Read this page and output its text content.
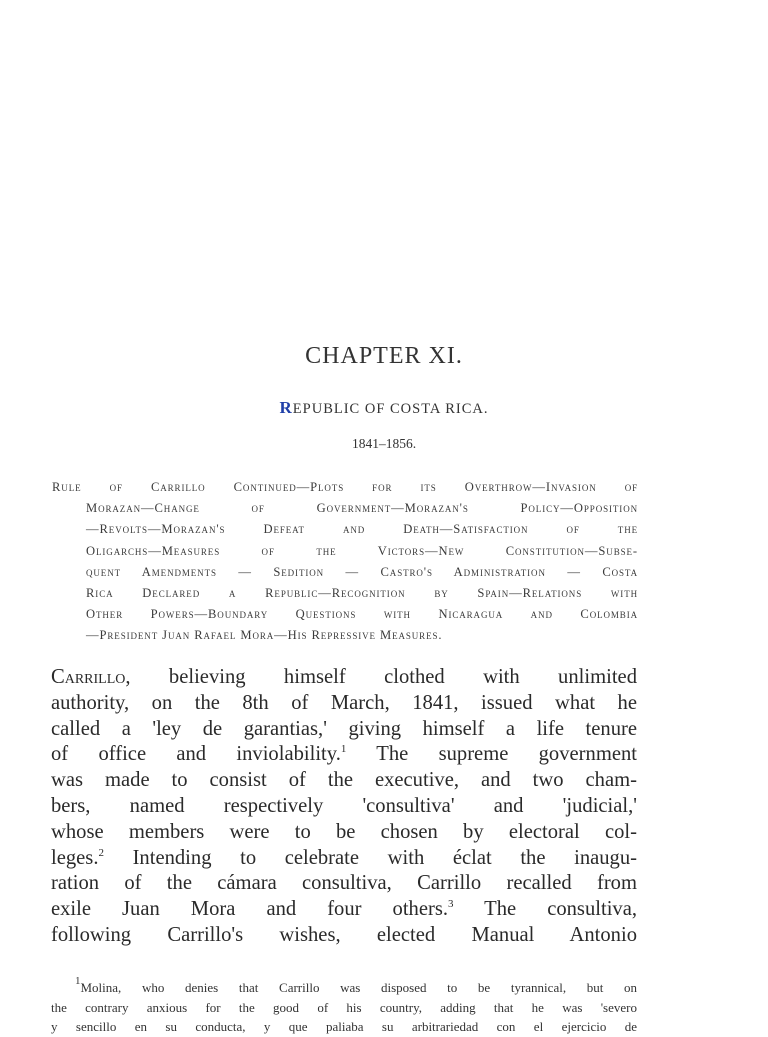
CHAPTER XI.
REPUBLIC OF COSTA RICA.
1841–1856.
Rule of Carrillo Continued—Plots for its Overthrow—Invasion of
Morazan—Change of Government—Morazan's Policy—Opposition
—Revolts—Morazan's Defeat and Death—Satisfaction of the
Oligarchs—Measures of the Victors—New Constitution—Subse-
quent Amendments — Sedition — Castro's Administration — Costa
Rica Declared a Republic—Recognition by Spain—Relations with
Other Powers—Boundary Questions with Nicaragua and Colombia
—President Juan Rafael Mora—His Repressive Measures.
Carrillo, believing himself clothed with unlimited
authority, on the 8th of March, 1841, issued what he
called a 'ley de garantias,' giving himself a life tenure
of office and inviolability.$^1$ The supreme government
was made to consist of the executive, and two cham-
bers, named respectively 'consultiva' and 'judicial,'
whose members were to be chosen by electoral col-
leges.$^2$ Intending to celebrate with éclat the inaugu-
ration of the cámara consultiva, Carrillo recalled from
exile Juan Mora and four others.$^3$ The consultiva,
following Carrillo's wishes, elected Manual Antonio
$^1$Molina, who denies that Carrillo was disposed to be tyrannical, but on
the contrary anxious for the good of his country, adding that he was 'severo
y sencillo en su conducta, y que paliaba su arbitrariedad con el ejercicio de
